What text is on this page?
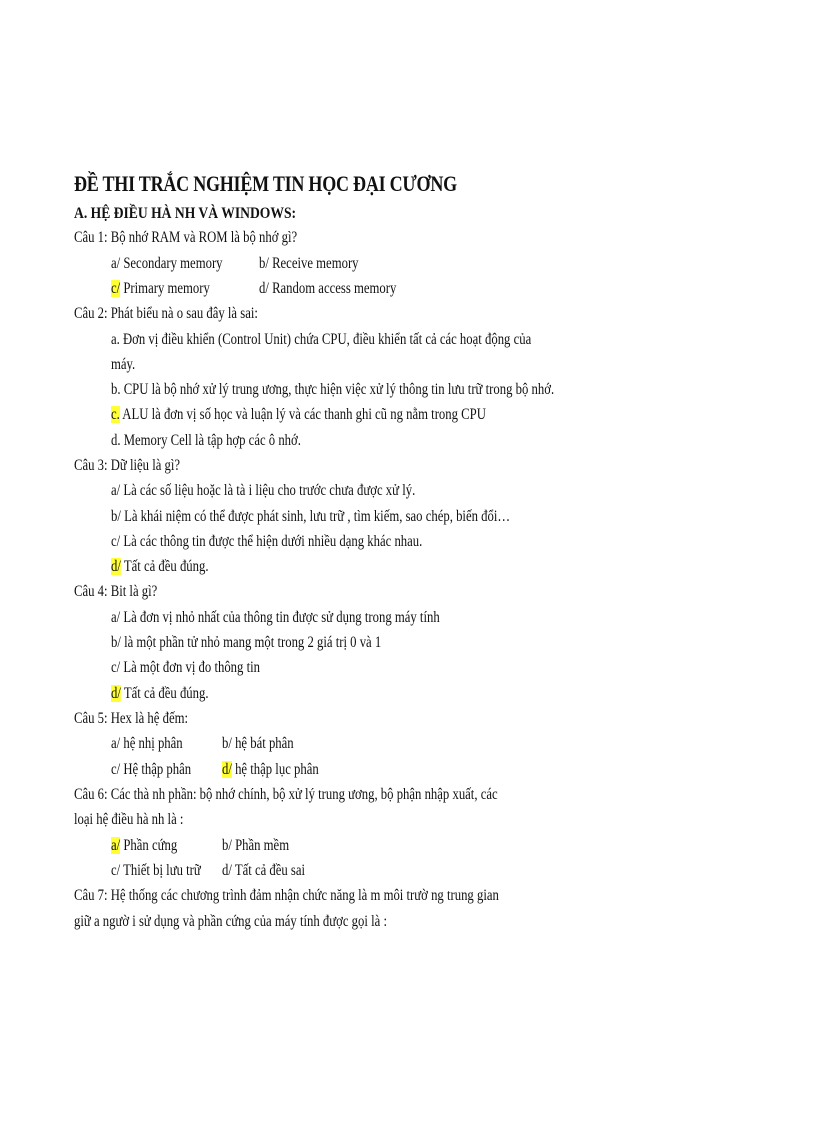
ĐỀ THI TRẮC NGHIỆM TIN HỌC ĐẠI CƯƠNG
A. HỆ ĐIỀU HÀ NH VÀ WINDOWS:
Câu 1: Bộ nhớ RAM và ROM là bộ nhớ gì?
a/ Secondary memory b/ Receive memory
c/ Primary memory	d/ Random access memory
Câu 2: Phát biểu nà o sau đây là sai:
a. Đơn vị điều khiển (Control Unit) chứa CPU, điều khiển tất cả các hoạt động của
máy.
b. CPU là bộ nhớ xử lý trung ương, thực hiện việc xử lý thông tin lưu trữ trong bộ nhớ.
c. ALU là đơn vị số học và luận lý và các thanh ghi cũ ng nằm trong CPU
d. Memory Cell là tập hợp các ô nhớ.
Câu 3: Dữ liệu là gì?
a/ Là các số liệu hoặc là tà i liệu cho trước chưa được xử lý.
b/ Là khái niệm có thể được phát sinh, lưu trữ , tìm kiếm, sao chép, biến đổi…
c/ Là các thông tin được thể hiện dưới nhiều dạng khác nhau.
d/ Tất cả đều đúng.
Câu 4: Bit là gì?
a/ Là đơn vị nhỏ nhất của thông tin được sử dụng trong máy tính
b/ là một phần tử nhỏ mang một trong 2 giá trị 0 và 1
c/ Là một đơn vị đo thông tin
d/ Tất cả đều đúng.
Câu 5: Hex là hệ đếm:
a/ hệ nhị phân	b/ hệ bát phân
c/ Hệ thập phân d/ hệ thập lục phân
Câu 6: Các thà nh phần: bộ nhớ chính, bộ xử lý trung ương, bộ phận nhập xuất, các
loại hệ điều hà nh là :
a/ Phần cứng	b/ Phần mềm
c/ Thiết bị lưu trữ d/ Tất cả đều sai
Câu 7: Hệ thống các chương trình đảm nhận chức năng là m môi trườ ng trung gian
giữ a ngườ i sử dụng và phần cứng của máy tính được gọi là :
